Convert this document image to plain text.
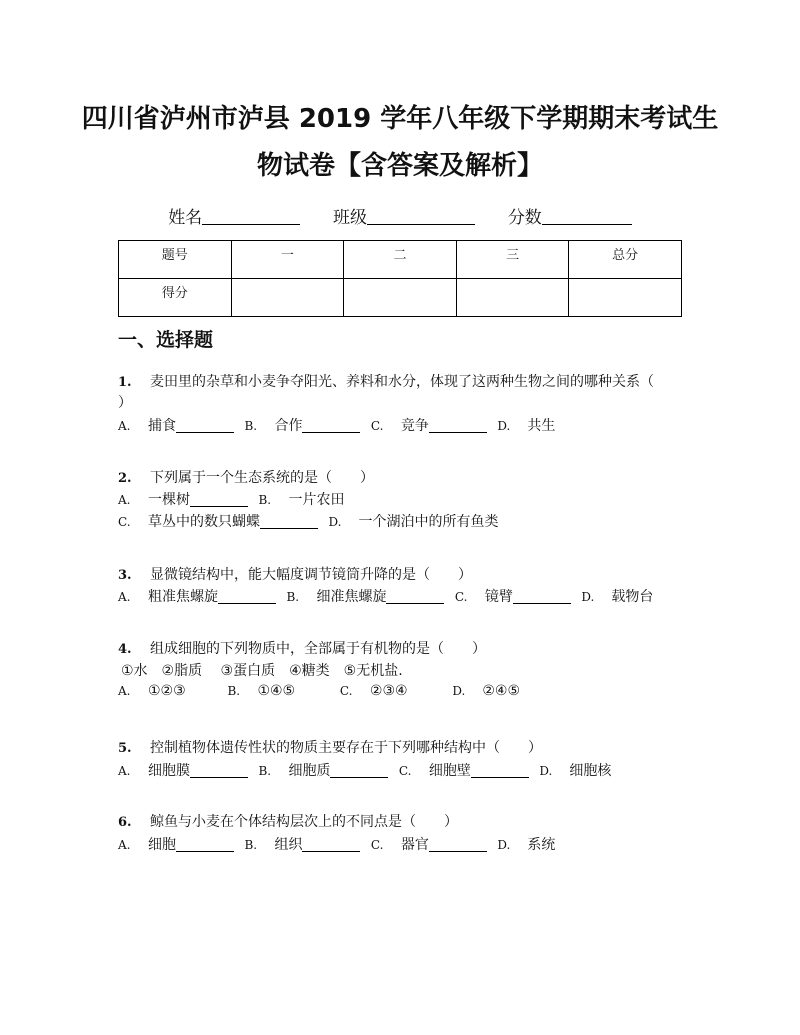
四川省泸州市泸县 2019 学年八年级下学期期末考试生
物试卷【含答案及解析】
姓名	班级	分数
题号	一	二	三	总分
得分				
一、选择题
1. 麦田里的杂草和小麦争夺阳光、养料和水分，体现了这两种生物之间的哪种关系（
）
A. 捕食	B. 合作	C. 竞争	D. 共生
2. 下列属于一个生态系统的是（　　）
A. 一棵树	B. 一片农田
C. 草丛中的数只蝴蝶	D. 一个湖泊中的所有鱼类
3. 显微镜结构中，能大幅度调节镜筒升降的是（　　）
A. 粗准焦螺旋	B. 细准焦螺旋	C. 镜臂	D. 载物台
4. 组成细胞的下列物质中，全部属于有机物的是（　　）
①水　②脂质　 ③蛋白质　④糖类　⑤无机盐.
A. ①②③	B. ①④⑤	C. ②③④	D. ②④⑤
5. 控制植物体遗传性状的物质主要存在于下列哪种结构中（　　）
A. 细胞膜	B. 细胞质	C. 细胞壁	D. 细胞核
6. 鲸鱼与小麦在个体结构层次上的不同点是（　　）
A. 细胞	B. 组织	C. 器官	D. 系统
